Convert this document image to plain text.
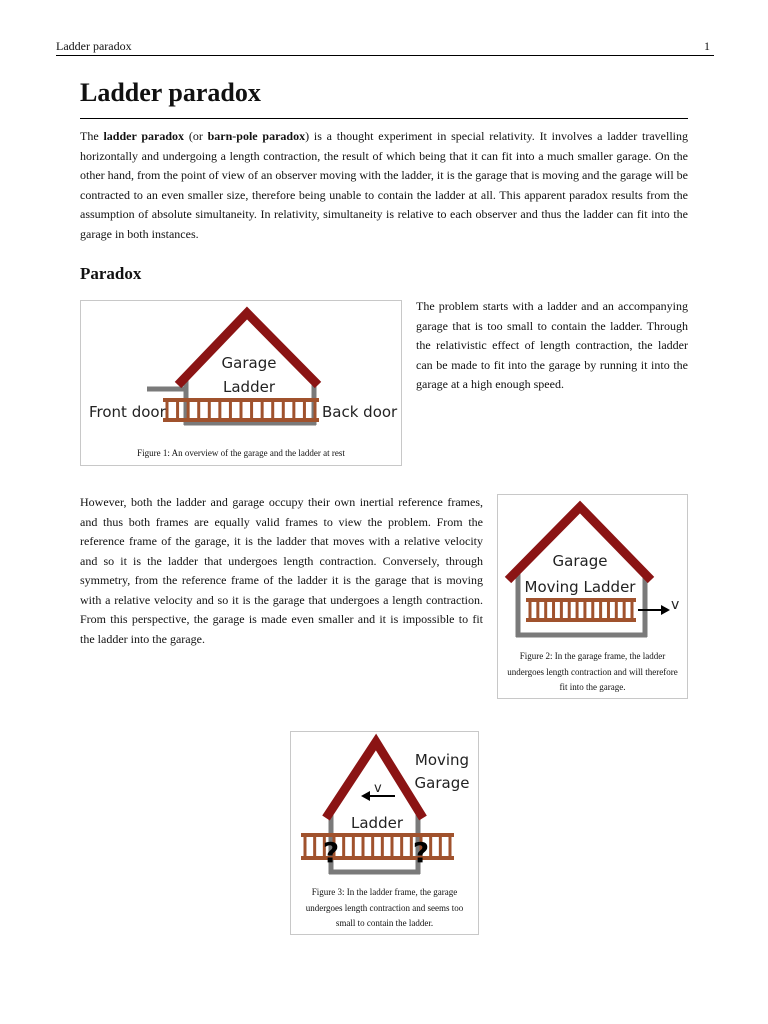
Ladder paradox	1
Ladder paradox

The ladder paradox (or barn-pole paradox) is a thought experiment in special relativity. It involves a ladder travelling horizontally and undergoing a length contraction, the result of which being that it can fit into a much smaller garage. On the other hand, from the point of view of an observer moving with the ladder, it is the garage that is moving and the garage will be contracted to an even smaller size, therefore being unable to contain the ladder at all. This apparent paradox results from the assumption of absolute simultaneity. In relativity, simultaneity is relative to each observer and thus the ladder can fit into the garage in both instances.

Paradox
Garage
Ladder
Front door	Back door

Figure 1: An overview of the garage and the ladder at rest

The problem starts with a ladder and an accompanying garage that is too small to contain the ladder. Through the relativistic effect of length contraction, the ladder can be made to fit into the garage by running it into the garage at a high enough speed.

However, both the ladder and garage occupy their own inertial reference frames, and thus both frames are equally valid frames to view the problem. From the reference frame of the garage, it is the ladder that moves with a relative velocity and so it is the ladder that undergoes length contraction. Conversely, through symmetry, from the reference frame of the ladder it is the garage that is moving with a relative velocity and so it is the garage that undergoes a length contraction. From this perspective, the garage is made even smaller and it is impossible to fit the ladder into the garage.

Garage
Moving Ladder
v

Figure 2: In the garage frame, the ladder undergoes length contraction and will therefore fit into the garage.

v
Moving
Garage
Ladder
?	?

Figure 3: In the ladder frame, the garage undergoes length contraction and seems too small to contain the ladder.
